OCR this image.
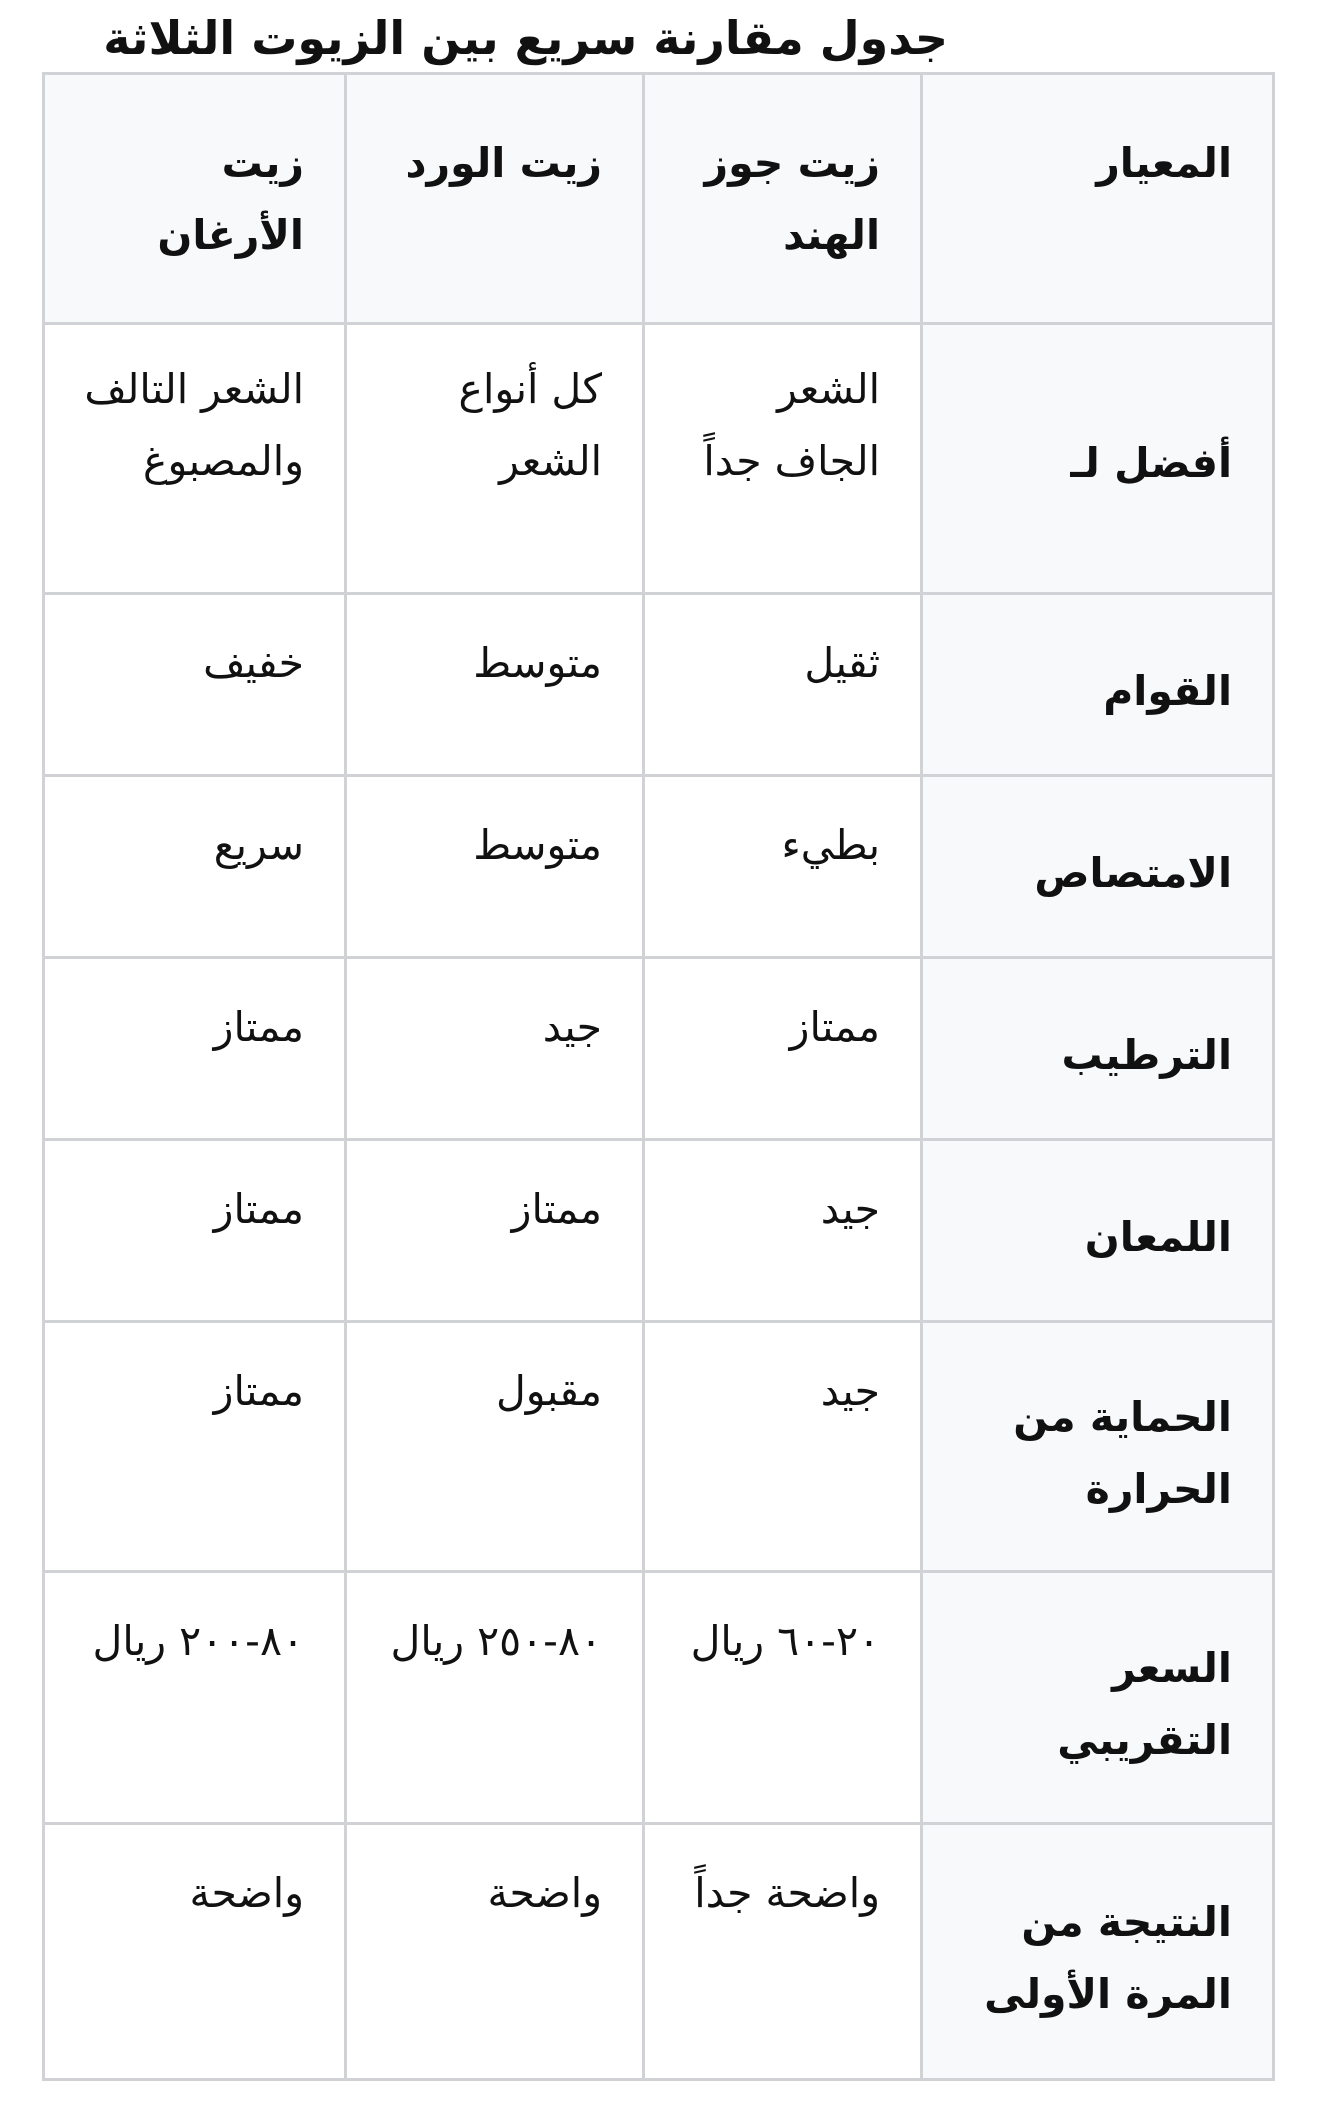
جدول مقارنة سريع بين الزيوت الثلاثة
المعيار	زيت جوز الهند	زيت الورد	زيت الأرغان
أفضل لـ	الشعر الجاف جداً	كل أنواع الشعر	الشعر التالف والمصبوغ
القوام	ثقيل	متوسط	خفيف
الامتصاص	بطيء	متوسط	سريع
الترطيب	ممتاز	جيد	ممتاز
اللمعان	جيد	ممتاز	ممتاز
الحماية من الحرارة	جيد	مقبول	ممتاز
السعر التقريبي	٢٠-٦٠ ريال	٨٠-٢٥٠ ريال	٨٠-٢٠٠ ريال
النتيجة من المرة الأولى	واضحة جداً	واضحة	واضحة
